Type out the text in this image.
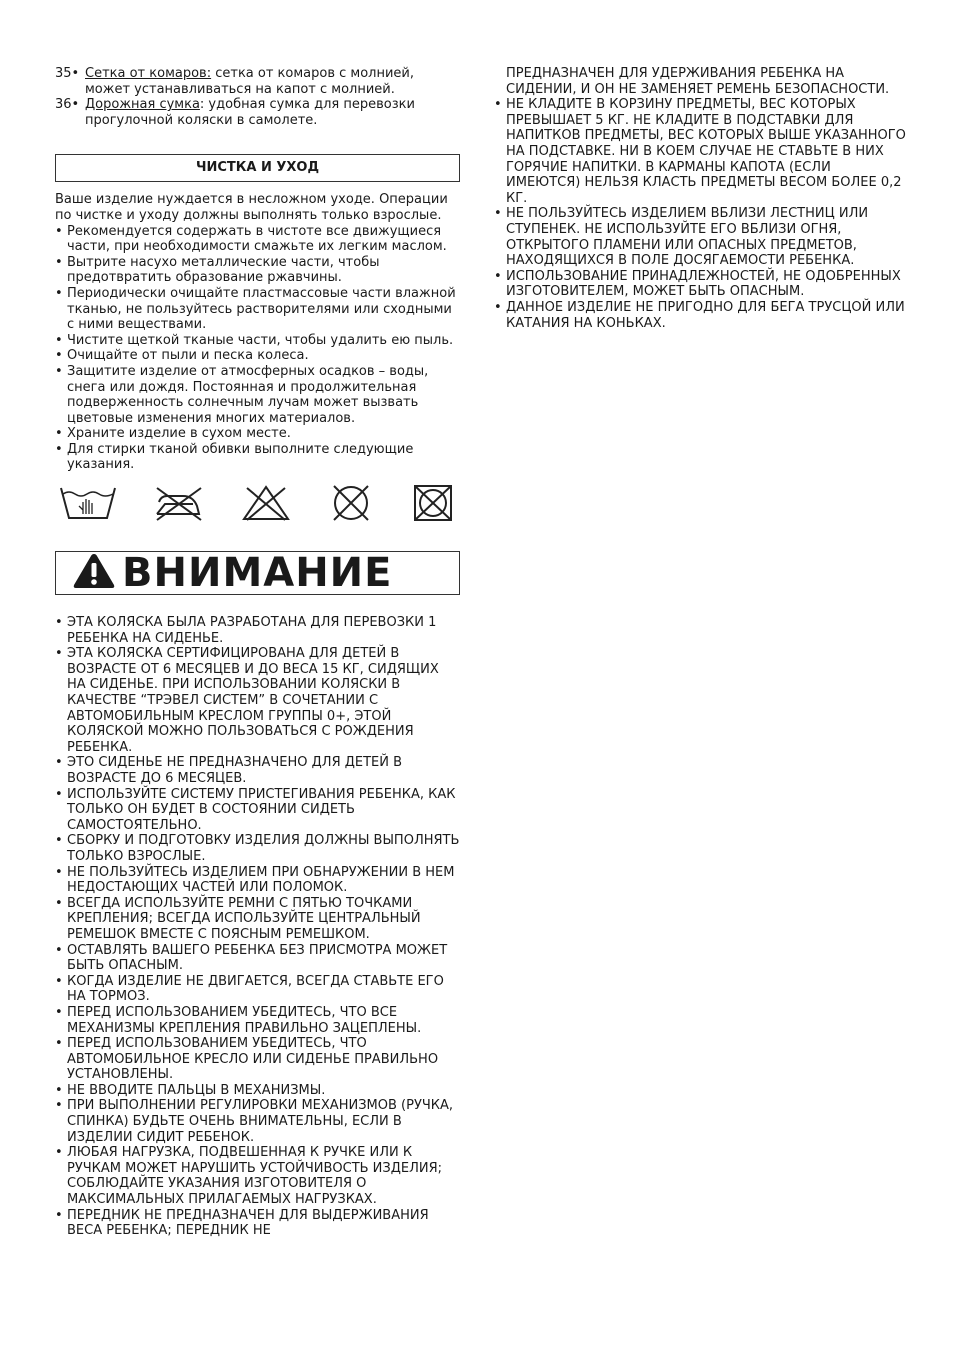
35• Сетка от комаров: сетка от комаров с молнией, может устанавливаться на капот с молнией.
36• Дорожная сумка: удобная сумка для перевозки прогулочной коляски в самолете.
ЧИСТКА И УХОД
Ваше изделие нуждается в несложном уходе. Операции по чистке и уходу должны выполнять только взрослые.
• Рекомендуется содержать в чистоте все движущиеся части, при необходимости смажьте их легким маслом.
• Вытрите насухо металлические части, чтобы предотвратить образование ржавчины.
• Периодически очищайте пластмассовые части влажной тканью, не пользуйтесь растворителями или сходными с ними веществами.
• Чистите щеткой тканые части, чтобы удалить ею пыль.
• Очищайте от пыли и песка колеса.
• Защитите изделие от атмосферных осадков – воды, снега или дождя. Постоянная и продолжительная подверженность солнечным лучам может вызвать цветовые изменения многих материалов.
• Храните изделие в сухом месте.
• Для стирки тканой обивки выполните следующие указания.
ВНИМАНИЕ
• ЭТА КОЛЯСКА БЫЛА РАЗРАБОТАНА ДЛЯ ПЕРЕВОЗКИ 1 РЕБЕНКА НА СИДЕНЬЕ.
• ЭТА КОЛЯСКА СЕРТИФИЦИРОВАНА ДЛЯ ДЕТЕЙ В ВОЗРАСТЕ ОТ 6 МЕСЯЦЕВ И ДО ВЕСА 15 КГ, СИДЯЩИХ НА СИДЕНЬЕ. ПРИ ИСПОЛЬЗОВАНИИ КОЛЯСКИ В КАЧЕСТВЕ “ТРЭВЕЛ СИСТЕМ” В СОЧЕТАНИИ С АВТОМОБИЛЬНЫМ КРЕСЛОМ ГРУППЫ 0+, ЭТОЙ КОЛЯСКОЙ МОЖНО ПОЛЬЗОВАТЬСЯ С РОЖДЕНИЯ РЕБЕНКА.
• ЭТО СИДЕНЬЕ НЕ ПРЕДНАЗНАЧЕНО ДЛЯ ДЕТЕЙ В ВОЗРАСТЕ ДО 6 МЕСЯЦЕВ.
• ИСПОЛЬЗУЙТЕ СИСТЕМУ ПРИСТЕГИВАНИЯ РЕБЕНКА, КАК ТОЛЬКО ОН БУДЕТ В СОСТОЯНИИ СИДЕТЬ САМОСТОЯТЕЛЬНО.
• СБОРКУ И ПОДГОТОВКУ ИЗДЕЛИЯ ДОЛЖНЫ ВЫПОЛНЯТЬ ТОЛЬКО ВЗРОСЛЫЕ.
• НЕ ПОЛЬЗУЙТЕСЬ ИЗДЕЛИЕМ ПРИ ОБНАРУЖЕНИИ В НЕМ НЕДОСТАЮЩИХ ЧАСТЕЙ ИЛИ ПОЛОМОК.
• ВСЕГДА ИСПОЛЬЗУЙТЕ РЕМНИ С ПЯТЬЮ ТОЧКАМИ КРЕПЛЕНИЯ; ВСЕГДА ИСПОЛЬЗУЙТЕ ЦЕНТРАЛЬНЫЙ РЕМЕШОК ВМЕСТЕ С ПОЯСНЫМ РЕМЕШКОМ.
• ОСТАВЛЯТЬ ВАШЕГО РЕБЕНКА БЕЗ ПРИСМОТРА МОЖЕТ БЫТЬ ОПАСНЫМ.
• КОГДА ИЗДЕЛИЕ НЕ ДВИГАЕТСЯ, ВСЕГДА СТАВЬТЕ ЕГО НА ТОРМОЗ.
• ПЕРЕД ИСПОЛЬЗОВАНИЕМ УБЕДИТЕСЬ, ЧТО ВСЕ МЕХАНИЗМЫ КРЕПЛЕНИЯ ПРАВИЛЬНО ЗАЦЕПЛЕНЫ.
• ПЕРЕД ИСПОЛЬЗОВАНИЕМ УБЕДИТЕСЬ, ЧТО АВТОМОБИЛЬНОЕ КРЕСЛО ИЛИ СИДЕНЬЕ ПРАВИЛЬНО УСТАНОВЛЕНЫ.
• НЕ ВВОДИТЕ ПАЛЬЦЫ В МЕХАНИЗМЫ.
• ПРИ ВЫПОЛНЕНИИ РЕГУЛИРОВКИ МЕХАНИЗМОВ (РУЧКА, СПИНКА) БУДЬТЕ ОЧЕНЬ ВНИМАТЕЛЬНЫ, ЕСЛИ В ИЗДЕЛИИ СИДИТ РЕБЕНОК.
• ЛЮБАЯ НАГРУЗКА, ПОДВЕШЕННАЯ К РУЧКЕ ИЛИ К РУЧКАМ МОЖЕТ НАРУШИТЬ УСТОЙЧИВОСТЬ ИЗДЕЛИЯ; СОБЛЮДАЙТЕ УКАЗАНИЯ ИЗГОТОВИТЕЛЯ О МАКСИМАЛЬНЫХ ПРИЛАГАЕМЫХ НАГРУЗКАХ.
• ПЕРЕДНИК НЕ ПРЕДНАЗНАЧЕН ДЛЯ ВЫДЕРЖИВАНИЯ ВЕСА РЕБЕНКА; ПЕРЕДНИК НЕ
ПРЕДНАЗНАЧЕН ДЛЯ УДЕРЖИВАНИЯ РЕБЕНКА НА СИДЕНИИ, И ОН НЕ ЗАМЕНЯЕТ РЕМЕНЬ БЕЗОПАСНОСТИ.
• НЕ КЛАДИТЕ В КОРЗИНУ ПРЕДМЕТЫ, ВЕС КОТОРЫХ ПРЕВЫШАЕТ 5 КГ. НЕ КЛАДИТЕ В ПОДСТАВКИ ДЛЯ НАПИТКОВ ПРЕДМЕТЫ, ВЕС КОТОРЫХ ВЫШЕ УКАЗАННОГО НА ПОДСТАВКЕ. НИ В КОЕМ СЛУЧАЕ НЕ СТАВЬТЕ В НИХ ГОРЯЧИЕ НАПИТКИ. В КАРМАНЫ КАПОТА (ЕСЛИ ИМЕЮТСЯ) НЕЛЬЗЯ КЛАСТЬ ПРЕДМЕТЫ ВЕСОМ БОЛЕЕ 0,2 КГ.
• НЕ ПОЛЬЗУЙТЕСЬ ИЗДЕЛИЕМ ВБЛИЗИ ЛЕСТНИЦ ИЛИ СТУПЕНЕК. НЕ ИСПОЛЬЗУЙТЕ ЕГО ВБЛИЗИ ОГНЯ, ОТКРЫТОГО ПЛАМЕНИ ИЛИ ОПАСНЫХ ПРЕДМЕТОВ, НАХОДЯЩИХСЯ В ПОЛЕ ДОСЯГАЕМОСТИ РЕБЕНКА.
• ИСПОЛЬЗОВАНИЕ ПРИНАДЛЕЖНОСТЕЙ, НЕ ОДОБРЕННЫХ ИЗГОТОВИТЕЛЕМ, МОЖЕТ БЫТЬ ОПАСНЫМ.
• ДАННОЕ ИЗДЕЛИЕ НЕ ПРИГОДНО ДЛЯ БЕГА ТРУСЦОЙ ИЛИ КАТАНИЯ НА КОНЬКАХ.
